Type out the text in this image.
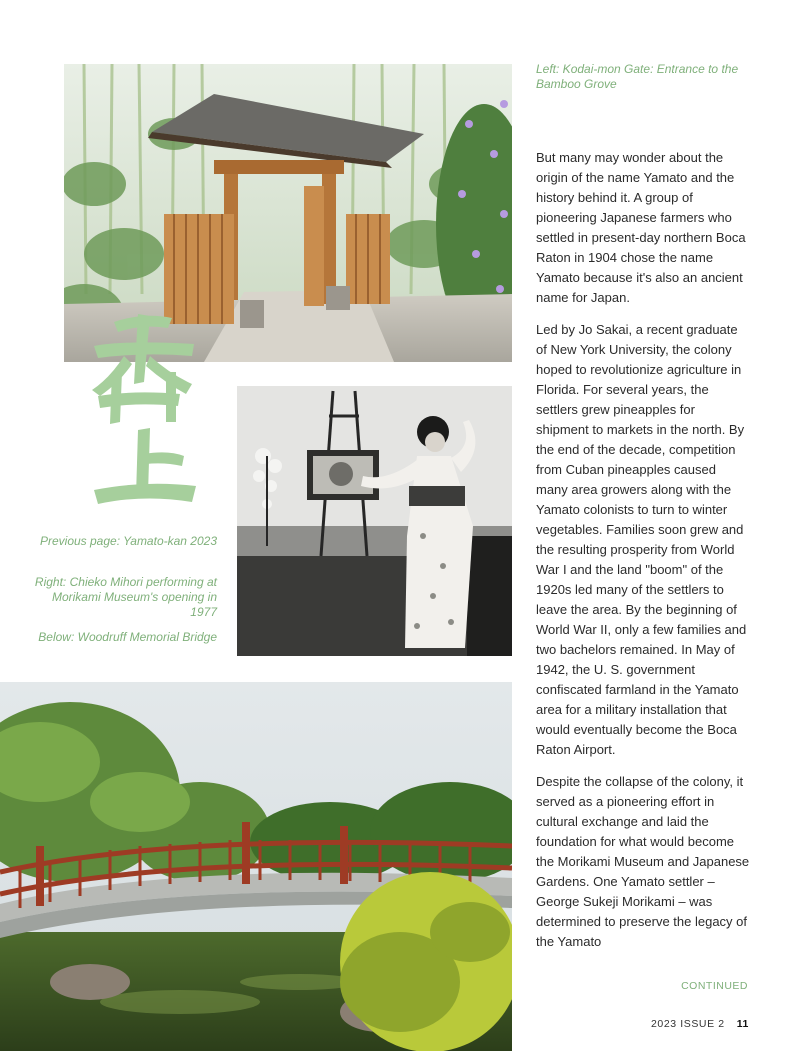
Left: Kodai-mon Gate: Entrance to the Bamboo Grove
Previous page: Yamato-kan 2023
Right: Chieko Mihori performing at Morikami Museum's opening in 1977
Below: Woodruff Memorial Bridge

But many may wonder about the origin of the name Yamato and the history behind it. A group of pioneering Japanese farmers who settled in present-day northern Boca Raton in 1904 chose the name Yamato because it's also an ancient name for Japan.

Led by Jo Sakai, a recent graduate of New York University, the colony hoped to revolutionize agriculture in Florida. For several years, the settlers grew pineapples for shipment to markets in the north. By the end of the decade, competition from Cuban pineapples caused many area growers along with the Yamato colonists to turn to winter vegetables. Families soon grew and the resulting prosperity from World War I and the land "boom" of the 1920s led many of the settlers to leave the area. By the beginning of World War II, only a few families and two bachelors remained. In May of 1942, the U. S. government confiscated farmland in the Yamato area for a military installation that would eventually become the Boca Raton Airport.

Despite the collapse of the colony, it served as a pioneering effort in cultural exchange and laid the foundation for what would become the Morikami Museum and Japanese Gardens. One Yamato settler –George Sukeji Morikami – was determined to preserve the legacy of the Yamato

CONTINUED
2023 ISSUE 2 11
